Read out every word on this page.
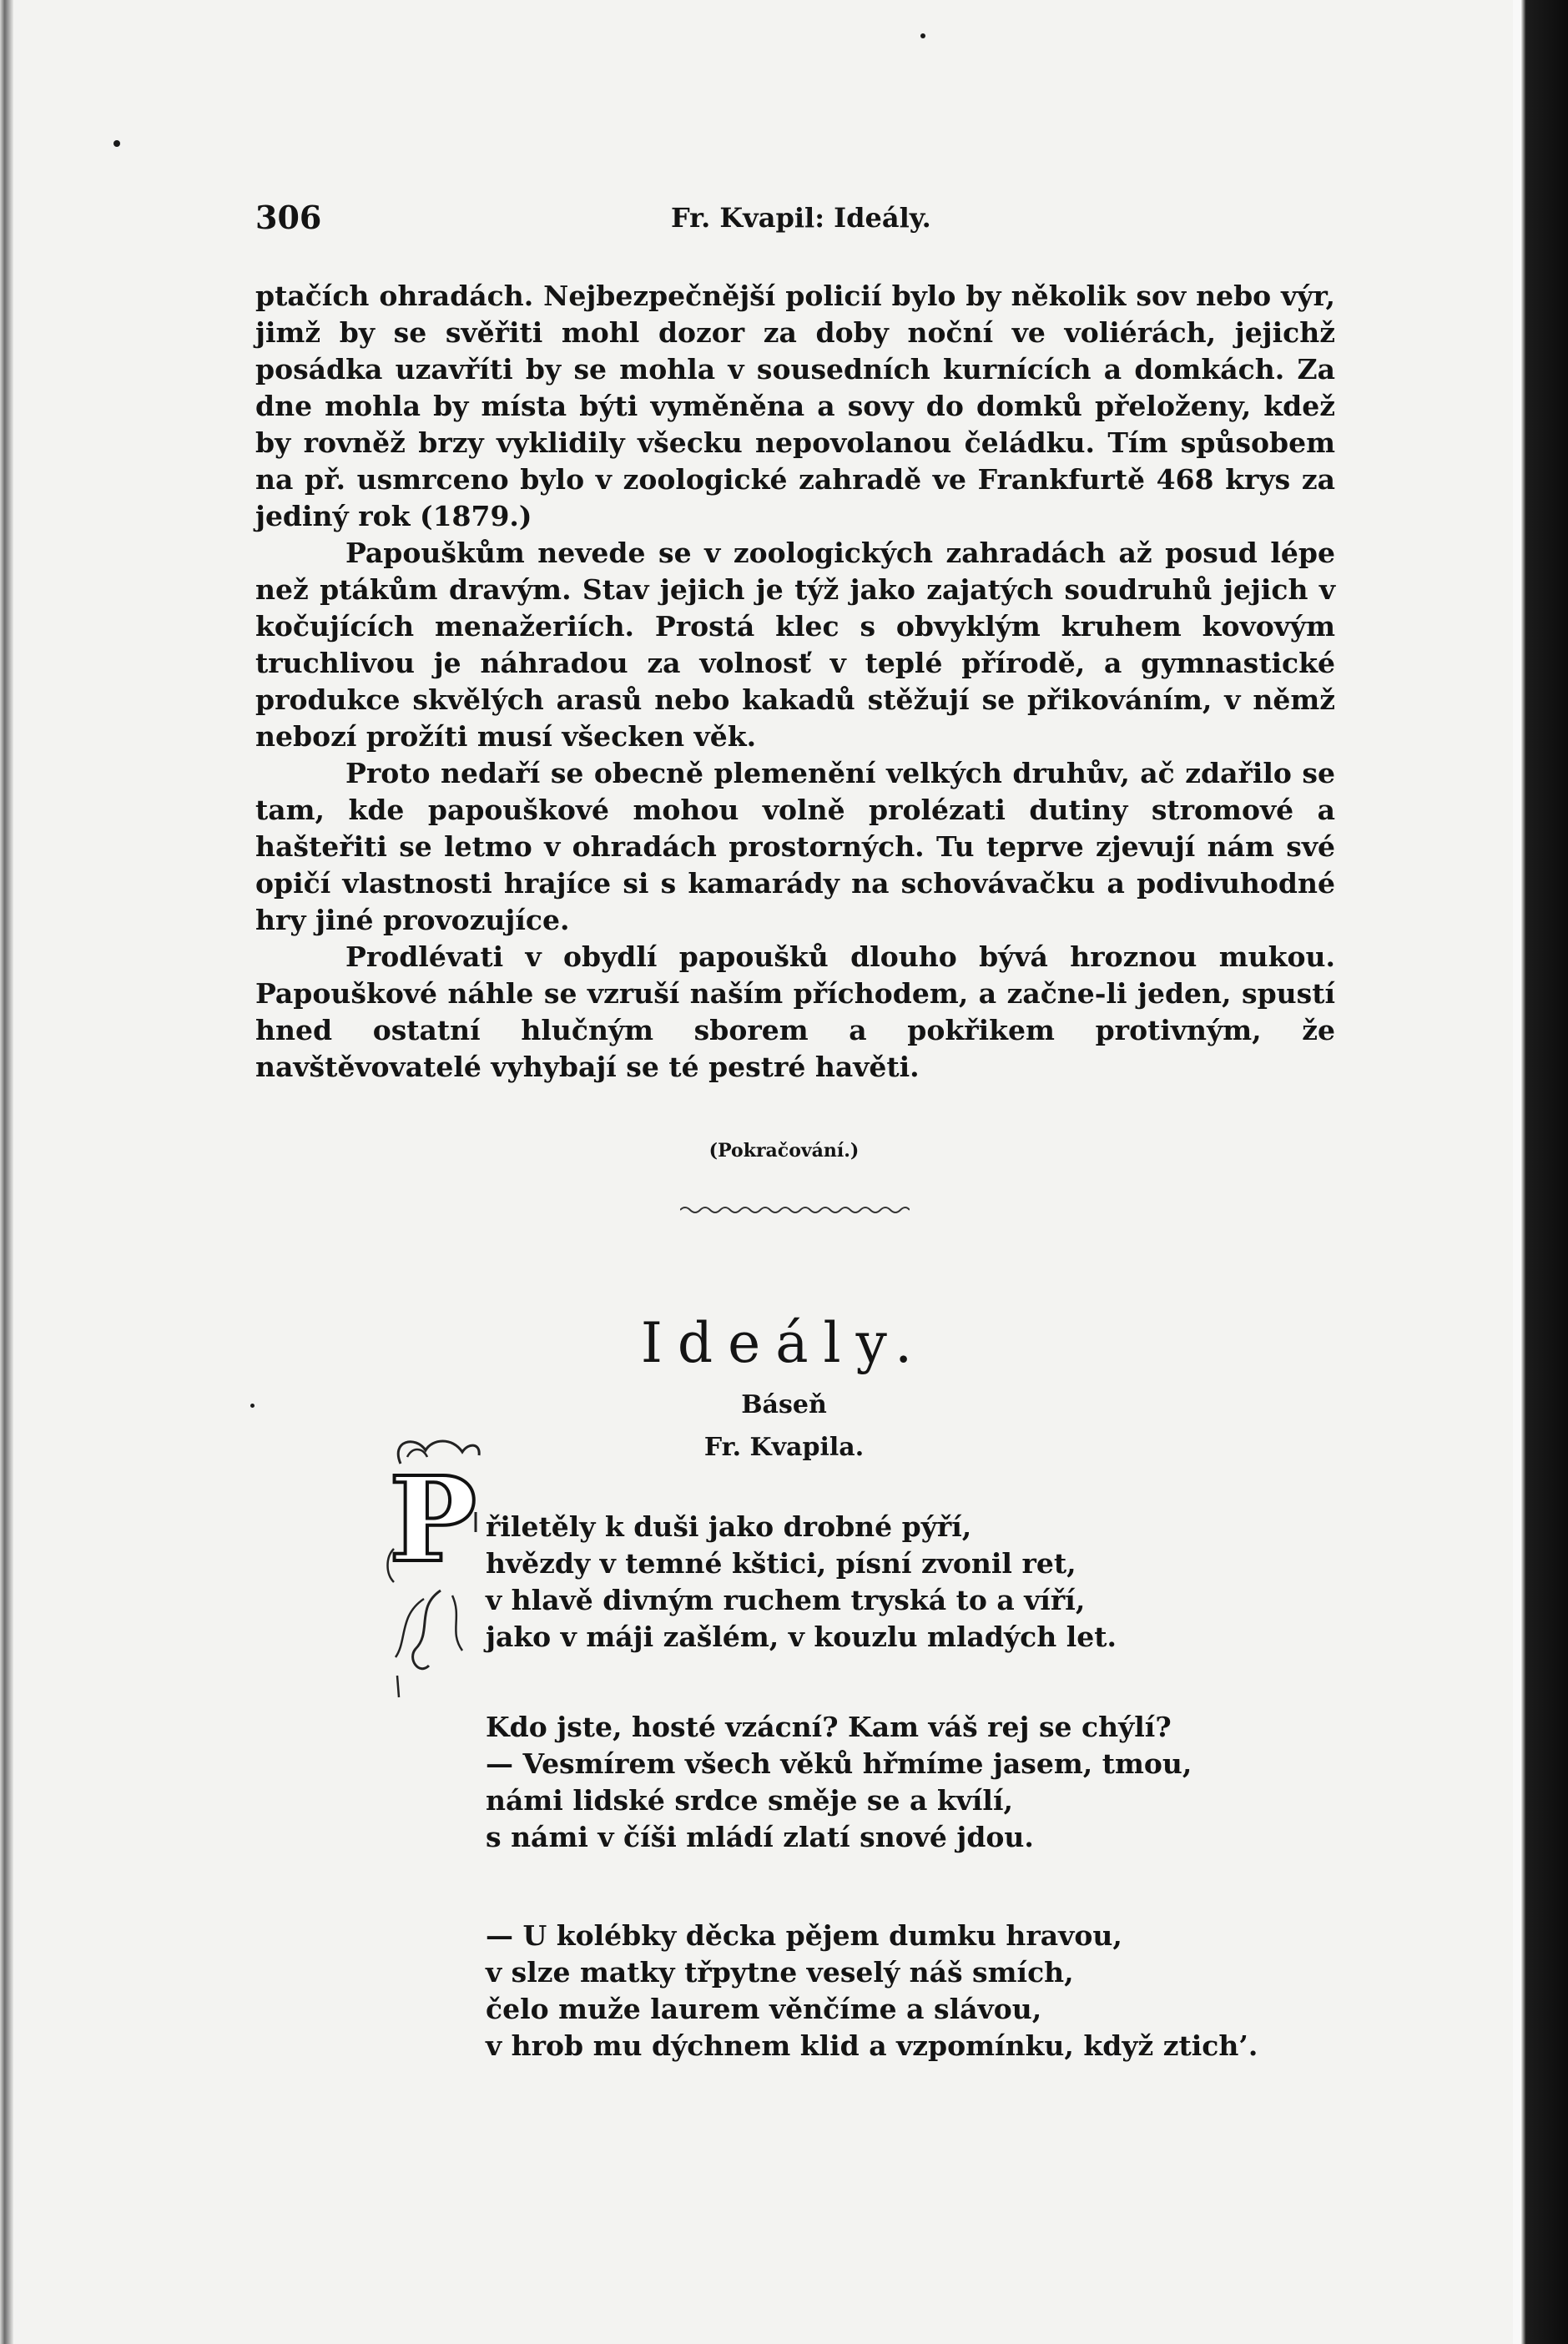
306	Fr. Kvapil: Ideály.

ptačích ohradách. Nejbezpečnější policií bylo by několik sov nebo výr, jimž by se svěřiti mohl dozor za doby noční ve voliérách, jejichž posádka uzavříti by se mohla v sousedních kurnících a domkách. Za dne mohla by místa býti vyměněna a sovy do domků přeloženy, kdež by rovněž brzy vyklidily všecku nepovolanou čeládku. Tím spůsobem na př. usmrceno bylo v zoologické zahradě ve Frankfurtě 468 krys za jediný rok (1879.)

Papouškům nevede se v zoologických zahradách až posud lépe než ptákům dravým. Stav jejich je týž jako zajatých soudruhů jejich v kočujících menažeriích. Prostá klec s obvyklým kruhem kovovým truchlivou je náhradou za volnosť v teplé přírodě, a gymnastické produkce skvělých arasů nebo kakadů stěžují se přikováním, v němž nebozí prožíti musí všecken věk.

Proto nedaří se obecně plemenění velkých druhův, ač zdařilo se tam, kde papouškové mohou volně prolézati dutiny stromové a hašteřiti se letmo v ohradách prostorných. Tu teprve zjevují nám své opičí vlastnosti hrajíce si s kamarády na schovávačku a podivuhodné hry jiné provozujíce.

Prodlévati v obydlí papoušků dlouho bývá hroznou mukou. Papouškové náhle se vzruší naším příchodem, a začne-li jeden, spustí hned ostatní hlučným sborem a pokřikem protivným, že navštěvovatelé vyhybají se té pestré havěti.

(Pokračování.)
Ideály.
Báseň
Fr. Kvapila.
P řiletěly k duši jako drobné pýří,
hvězdy v temné kštici, písní zvonil ret,
v hlavě divným ruchem tryská to a víří,
jako v máji zašlém, v kouzlu mladých let.
Kdo jste, hosté vzácní? Kam váš rej se chýlí?
— Vesmírem všech věků hřmíme jasem, tmou,
námi lidské srdce směje se a kvílí,
s námi v číši mládí zlatí snové jdou.
— U kolébky děcka pějem dumku hravou,
v slze matky třpytne veselý náš smích,
čelo muže laurem věnčíme a slávou,
v hrob mu dýchnem klid a vzpomínku, když ztich’.
